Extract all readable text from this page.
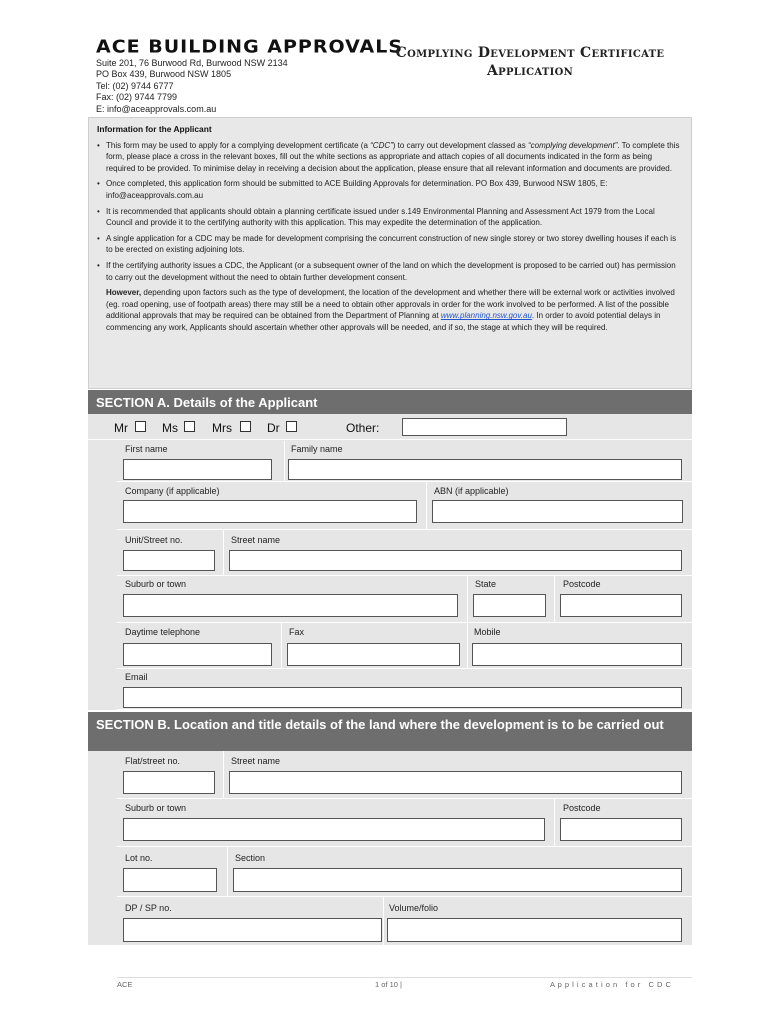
ACE BUILDING APPROVALS
Suite 201, 76 Burwood Rd, Burwood NSW 2134
PO Box 439, Burwood NSW 1805
Tel: (02) 9744 6777
Fax: (02) 9744 7799
E: info@aceapprovals.com.au
Complying Development Certificate
Application
Information for the Applicant
• This form may be used to apply for a complying development certificate (a “CDC”) to carry out development classed as “complying development”. To complete this form, please place a cross in the relevant boxes, fill out the white sections as appropriate and attach copies of all documents indicated in the form as being required to be provided. To minimise delay in receiving a decision about the application, please ensure that all relevant information and documents are provided.
• Once completed, this application form should be submitted to ACE Building Approvals for determination. PO Box 439, Burwood NSW 1805, E: info@aceapprovals.com.au
• It is recommended that applicants should obtain a planning certificate issued under s.149 Environmental Planning and Assessment Act 1979 from the Local Council and provide it to the certifying authority with this application. This may expedite the determination of the application.
• A single application for a CDC may be made for development comprising the concurrent construction of new single storey or two storey dwelling houses if each is to be erected on existing adjoining lots.
• If the certifying authority issues a CDC, the Applicant (or a subsequent owner of the land on which the development is proposed to be carried out) has permission to carry out the development without the need to obtain further development consent.

However, depending upon factors such as the type of development, the location of the development and whether there will be external work or activities involved (eg. road opening, use of footpath areas) there may still be a need to obtain other approvals in order for the work involved to be performed. A list of the possible additional approvals that may be required can be obtained from the Department of Planning at www.planning.nsw.gov.au. In order to avoid potential delays in commencing any work, Applicants should ascertain whether other approvals will be needed, and if so, the stage at which they will be required.

SECTION A. Details of the Applicant
Mr	Ms	Mrs	Dr	Other:
First name	Family name
Company (if applicable)	ABN (if applicable)
Unit/Street no.	Street name
Suburb or town	State	Postcode
Daytime telephone	Fax	Mobile
Email
SECTION B. Location and title details of the land where the development is to be carried out
Flat/street no.	Street name
Suburb or town	Postcode
Lot no.	Section
DP / SP no.	Volume/folio
ACE	1 of 10 |	A p p l i c a t i o n   f o r   C D C
